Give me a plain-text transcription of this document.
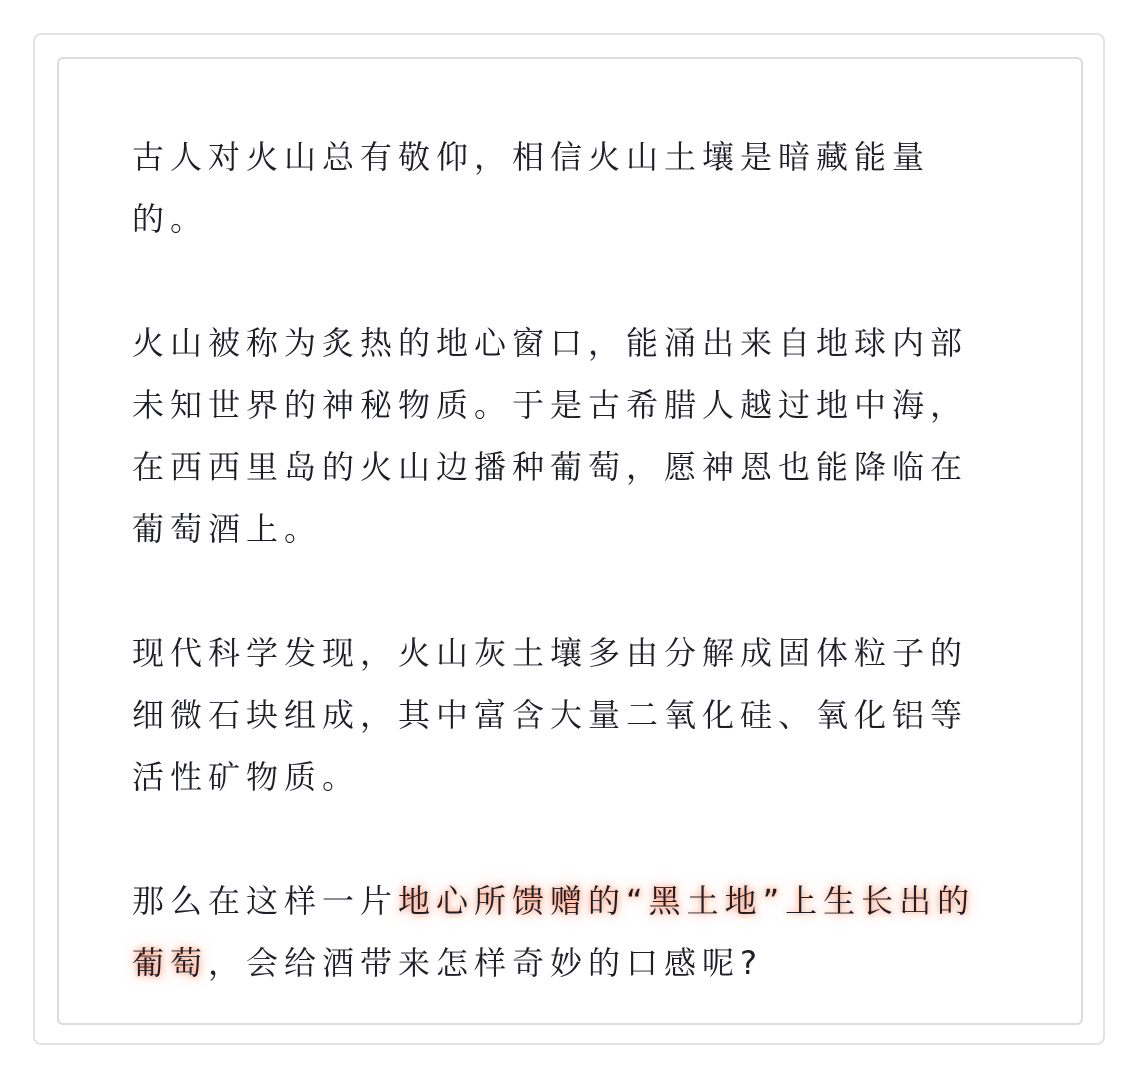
古人对火山总有敬仰，相信火山土壤是暗藏能量
的。

火山被称为炙热的地心窗口，能涌出来自地球内部
未知世界的神秘物质。于是古希腊人越过地中海，
在西西里岛的火山边播种葡萄，愿神恩也能降临在
葡萄酒上。

现代科学发现，火山灰土壤多由分解成固体粒子的
细微石块组成，其中富含大量二氧化硅、氧化铝等
活性矿物质。

那么在这样一片地心所馈赠的“黑土地”上生长出的
葡萄，会给酒带来怎样奇妙的口感呢?
